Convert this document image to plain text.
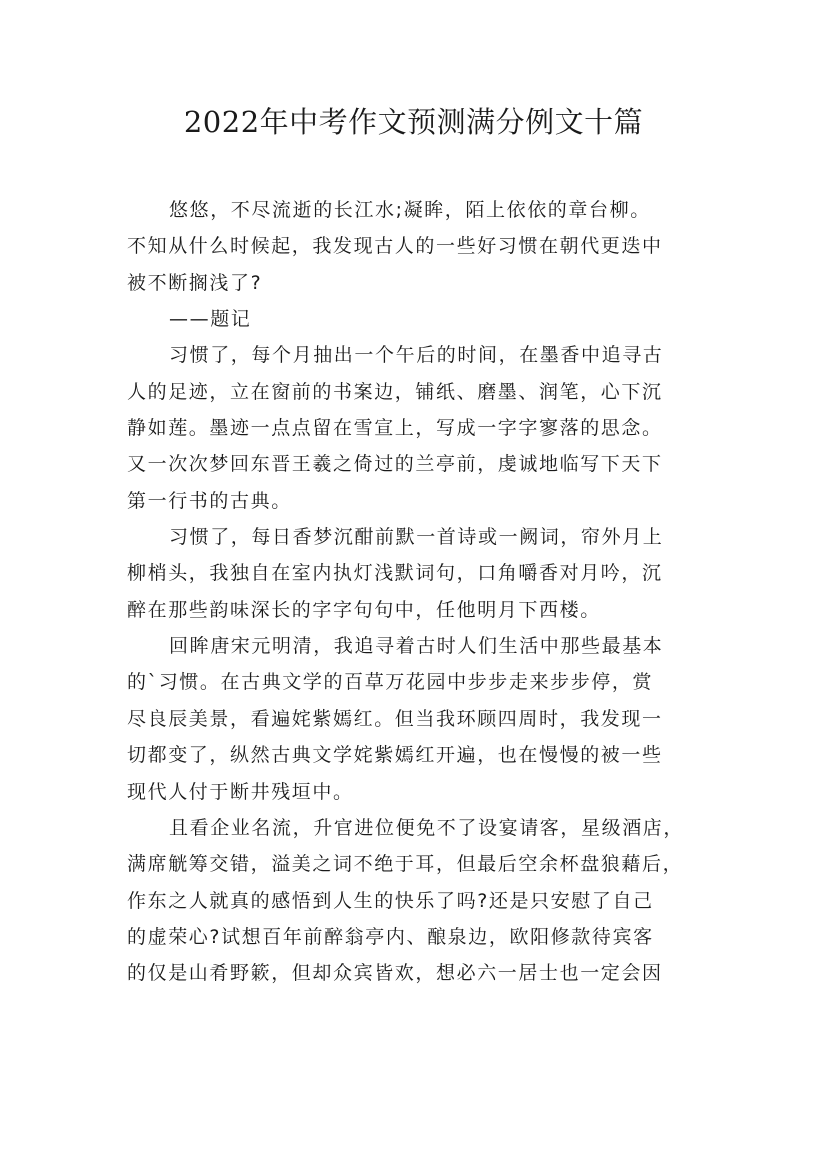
2022年中考作文预测满分例文十篇
悠悠，不尽流逝的长江水;凝眸，陌上依依的章台柳。
不知从什么时候起，我发现古人的一些好习惯在朝代更迭中
被不断搁浅了?
——题记
习惯了，每个月抽出一个午后的时间，在墨香中追寻古
人的足迹，立在窗前的书案边，铺纸、磨墨、润笔，心下沉
静如莲。墨迹一点点留在雪宣上，写成一字字寥落的思念。
又一次次梦回东晋王羲之倚过的兰亭前，虔诚地临写下天下
第一行书的古典。
习惯了，每日香梦沉酣前默一首诗或一阙词，帘外月上
柳梢头，我独自在室内执灯浅默词句，口角嚼香对月吟，沉
醉在那些韵味深长的字字句句中，任他明月下西楼。
回眸唐宋元明清，我追寻着古时人们生活中那些最基本
的`习惯。在古典文学的百草万花园中步步走来步步停，赏
尽良辰美景，看遍姹紫嫣红。但当我环顾四周时，我发现一
切都变了，纵然古典文学姹紫嫣红开遍，也在慢慢的被一些
现代人付于断井残垣中。
且看企业名流，升官进位便免不了设宴请客，星级酒店，
满席觥筹交错，溢美之词不绝于耳，但最后空余杯盘狼藉后，
作东之人就真的感悟到人生的快乐了吗?还是只安慰了自己
的虚荣心?试想百年前醉翁亭内、酿泉边，欧阳修款待宾客
的仅是山肴野簌，但却众宾皆欢，想必六一居士也一定会因
